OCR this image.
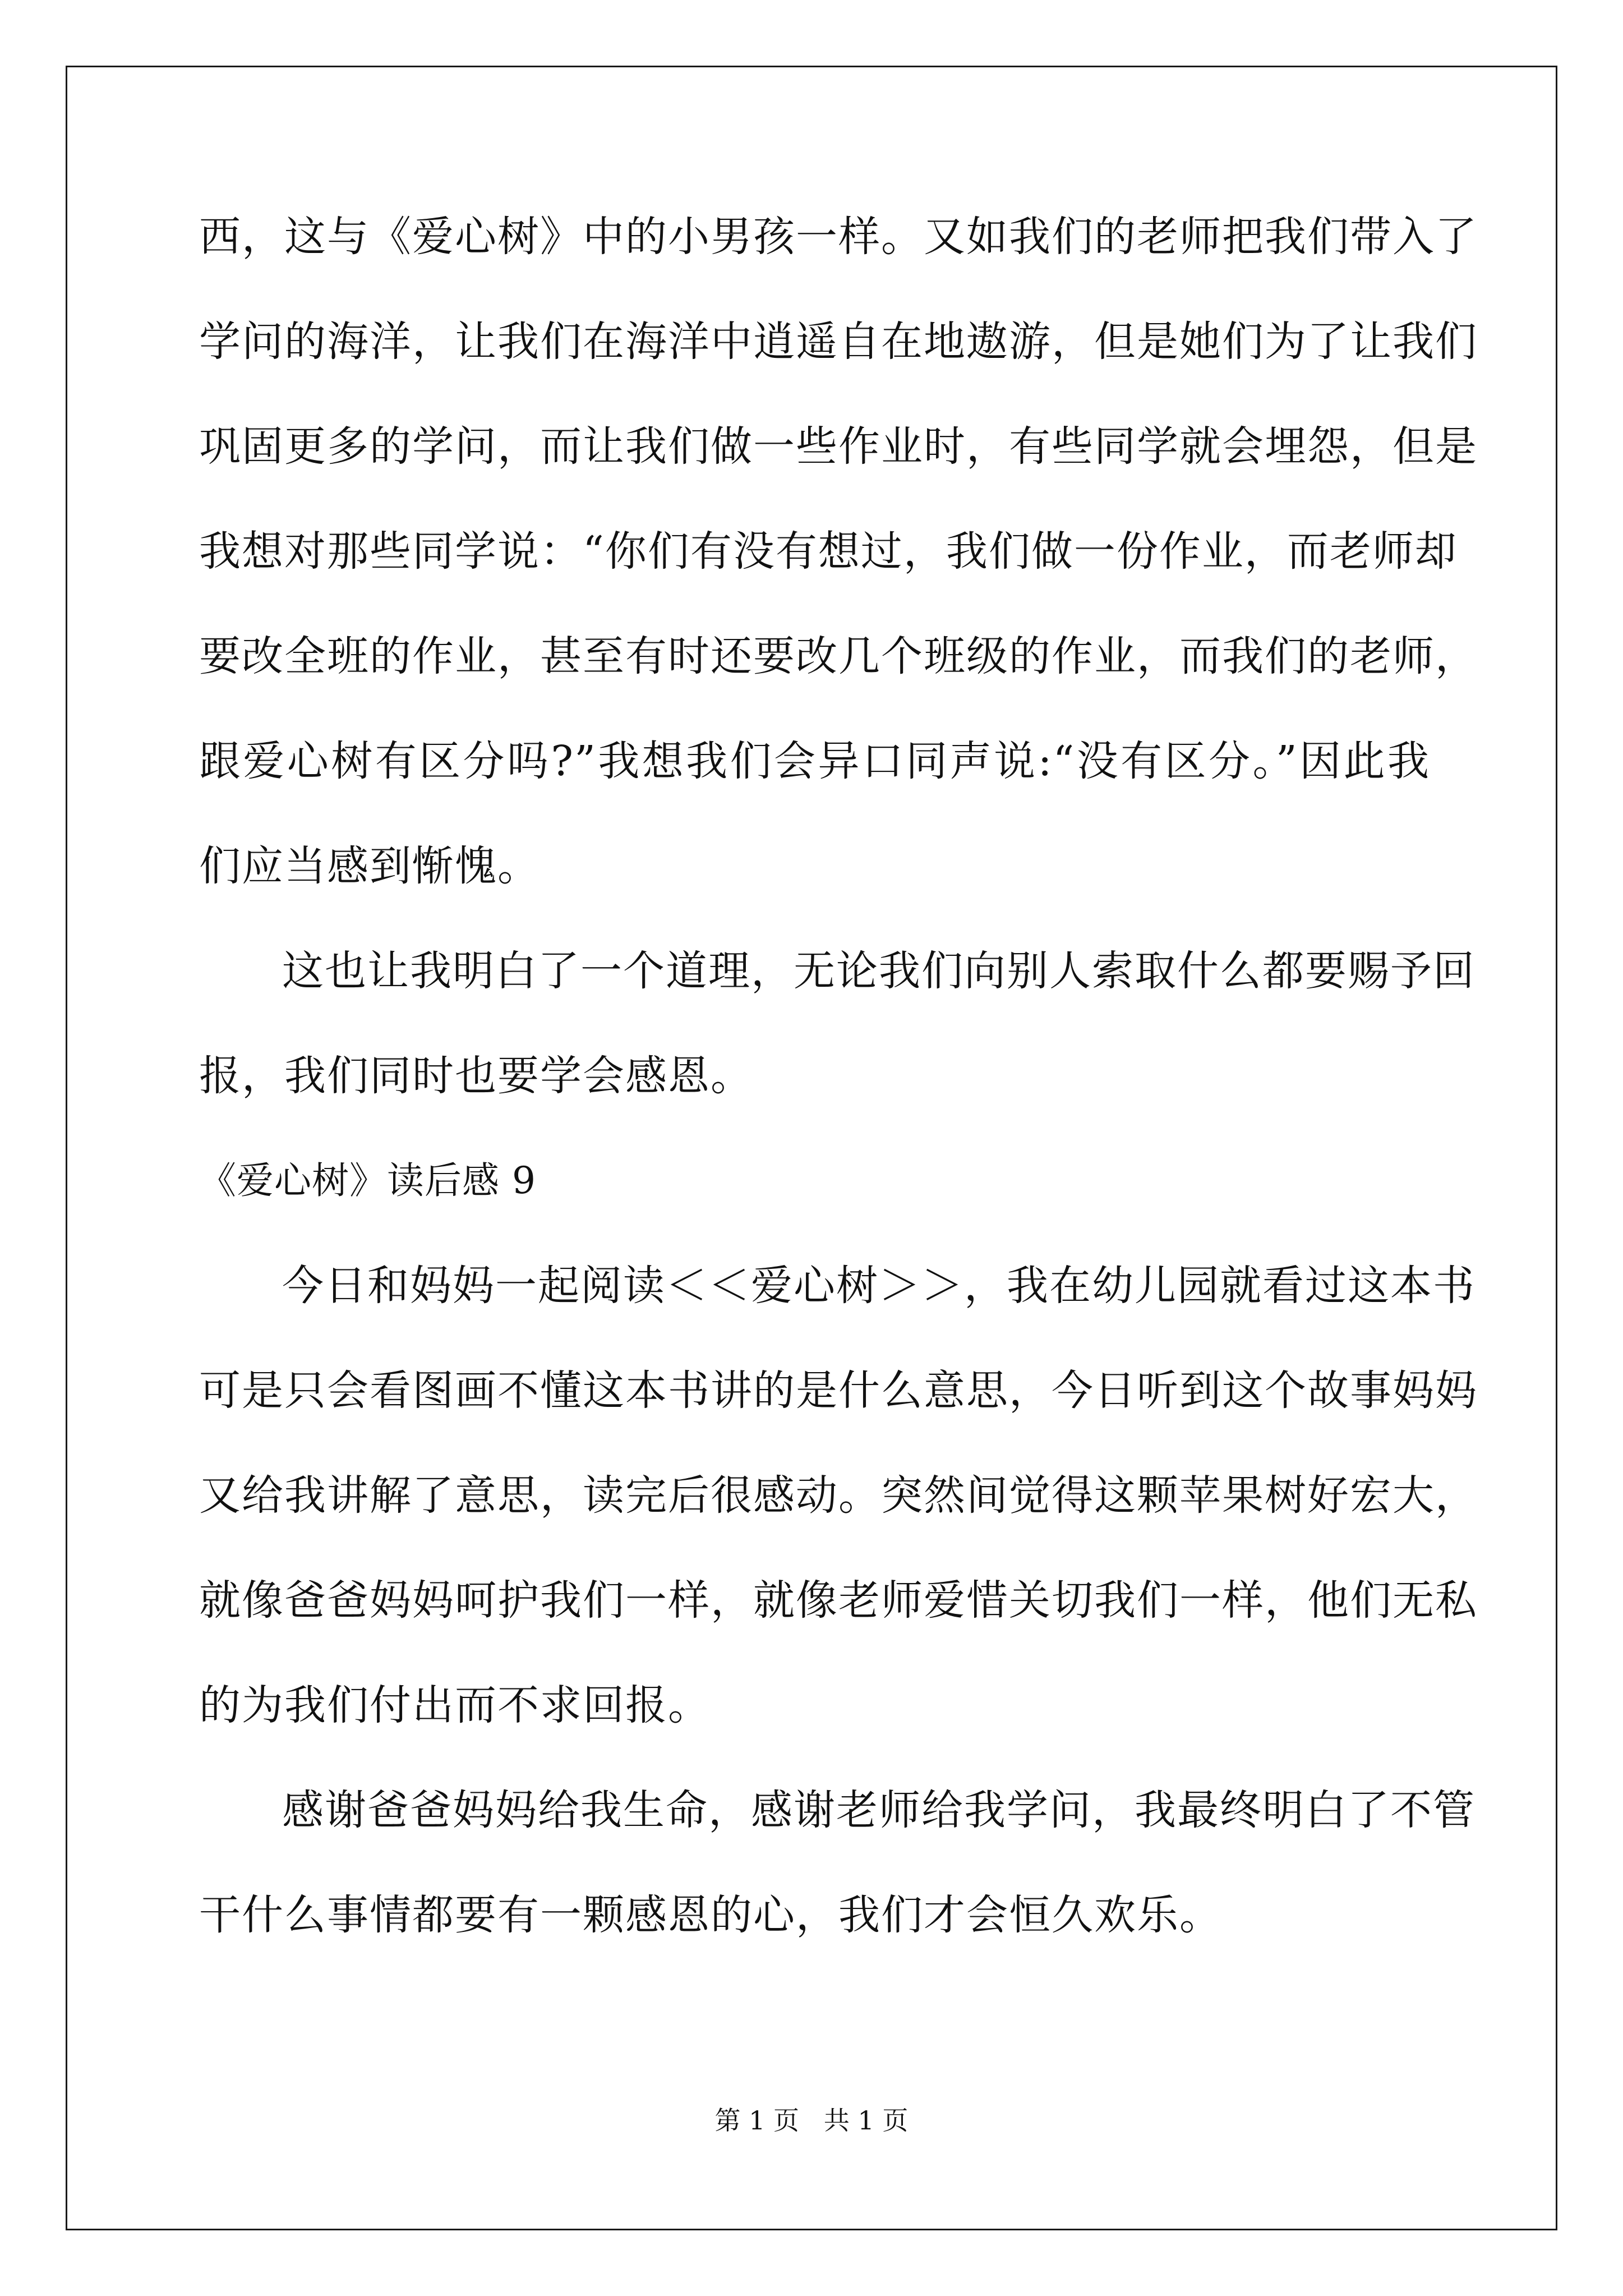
西，这与《爱心树》中的小男孩一样。又如我们的老师把我们带入了
学问的海洋，让我们在海洋中逍遥自在地遨游，但是她们为了让我们
巩固更多的学问，而让我们做一些作业时，有些同学就会埋怨，但是
我想对那些同学说：“你们有没有想过，我们做一份作业，而老师却
要改全班的作业，甚至有时还要改几个班级的作业，而我们的老师，
跟爱心树有区分吗?”我想我们会异口同声说:“没有区分。”因此我
们应当感到惭愧。
这也让我明白了一个道理，无论我们向别人索取什么都要赐予回
报，我们同时也要学会感恩。
《爱心树》读后感 9
今日和妈妈一起阅读＜＜爱心树＞＞，我在幼儿园就看过这本书
可是只会看图画不懂这本书讲的是什么意思，今日听到这个故事妈妈
又给我讲解了意思，读完后很感动。突然间觉得这颗苹果树好宏大，
就像爸爸妈妈呵护我们一样，就像老师爱惜关切我们一样，他们无私
的为我们付出而不求回报。
感谢爸爸妈妈给我生命，感谢老师给我学问，我最终明白了不管
干什么事情都要有一颗感恩的心，我们才会恒久欢乐。
第 1 页   共 1 页
